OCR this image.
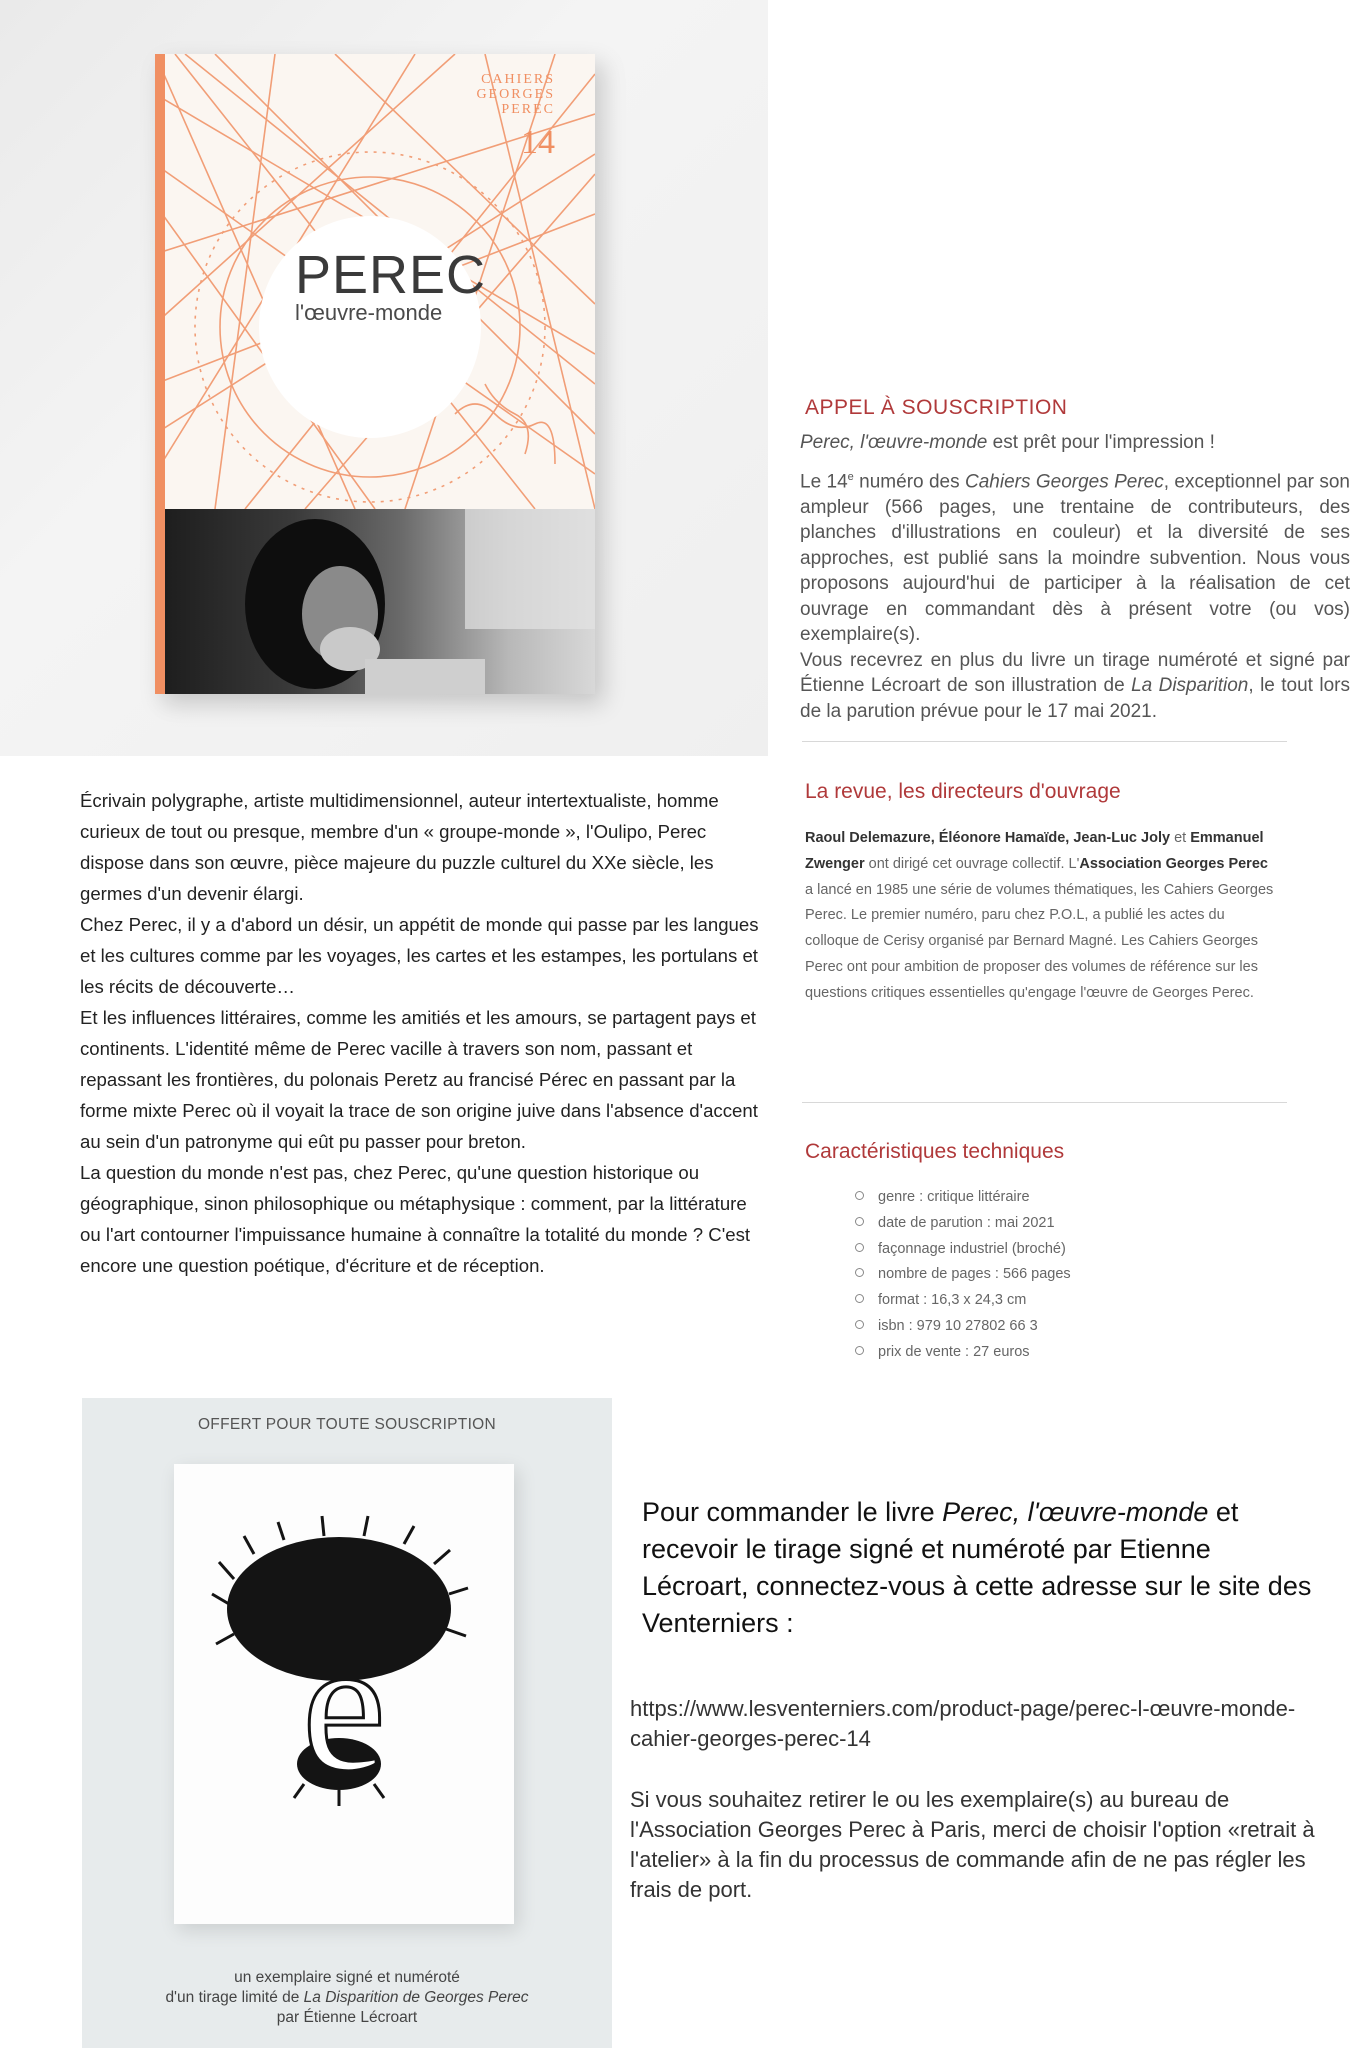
CAHIERS GEORGES PEREC
14
PEREC
l'œuvre-monde
APPEL À SOUSCRIPTION
Perec, l'œuvre-monde est prêt pour l'impression !
Le 14e numéro des Cahiers Georges Perec, exceptionnel par son ampleur (566 pages, une trentaine de contributeurs, des planches d'illustrations en couleur) et la diversité de ses approches, est publié sans la moindre subvention. Nous vous proposons aujourd'hui de participer à la réalisation de cet ouvrage en commandant dès à présent votre (ou vos) exemplaire(s).
Vous recevrez en plus du livre un tirage numéroté et signé par Étienne Lécroart de son illustration de La Disparition, le tout lors de la parution prévue pour le 17 mai 2021.
Écrivain polygraphe, artiste multidimensionnel, auteur intertextualiste, homme curieux de tout ou presque, membre d'un « groupe-monde », l'Oulipo, Perec dispose dans son œuvre, pièce majeure du puzzle culturel du XXe siècle, les germes d'un devenir élargi.
Chez Perec, il y a d'abord un désir, un appétit de monde qui passe par les langues et les cultures comme par les voyages, les cartes et les estampes, les portulans et les récits de découverte…
Et les influences littéraires, comme les amitiés et les amours, se partagent pays et continents. L'identité même de Perec vacille à travers son nom, passant et repassant les frontières, du polonais Peretz au francisé Pérec en passant par la forme mixte Perec où il voyait la trace de son origine juive dans l'absence d'accent au sein d'un patronyme qui eût pu passer pour breton.
La question du monde n'est pas, chez Perec, qu'une question historique ou géographique, sinon philosophique ou métaphysique : comment, par la littérature ou l'art contourner l'impuissance humaine à connaître la totalité du monde ? C'est encore une question poétique, d'écriture et de réception.
La revue, les directeurs d'ouvrage
Raoul Delemazure, Éléonore Hamaïde, Jean-Luc Joly et Emmanuel Zwenger ont dirigé cet ouvrage collectif. L'Association Georges Perec a lancé en 1985 une série de volumes thématiques, les Cahiers Georges Perec. Le premier numéro, paru chez P.O.L, a publié les actes du colloque de Cerisy organisé par Bernard Magné. Les Cahiers Georges Perec ont pour ambition de proposer des volumes de référence sur les questions critiques essentielles qu'engage l'œuvre de Georges Perec.
Caractéristiques techniques
genre : critique littéraire
date de parution : mai 2021
façonnage industriel (broché)
nombre de pages : 566 pages
format : 16,3 x 24,3 cm
isbn : 979 10 27802 66 3
prix de vente : 27 euros
OFFERT POUR TOUTE SOUSCRIPTION
e
un exemplaire signé et numéroté
d'un tirage limité de La Disparition de Georges Perec
par Étienne Lécroart
Pour commander le livre Perec, l'œuvre-monde et recevoir le tirage signé et numéroté par Etienne Lécroart, connectez-vous à cette adresse sur le site des Venterniers :
https://www.lesventerniers.com/product-page/perec-l-œuvre-monde-cahier-georges-perec-14
Si vous souhaitez retirer le ou les exemplaire(s) au bureau de l'Association Georges Perec à Paris, merci de choisir l'option «retrait à l'atelier» à la fin du processus de commande afin de ne pas régler les frais de port.
